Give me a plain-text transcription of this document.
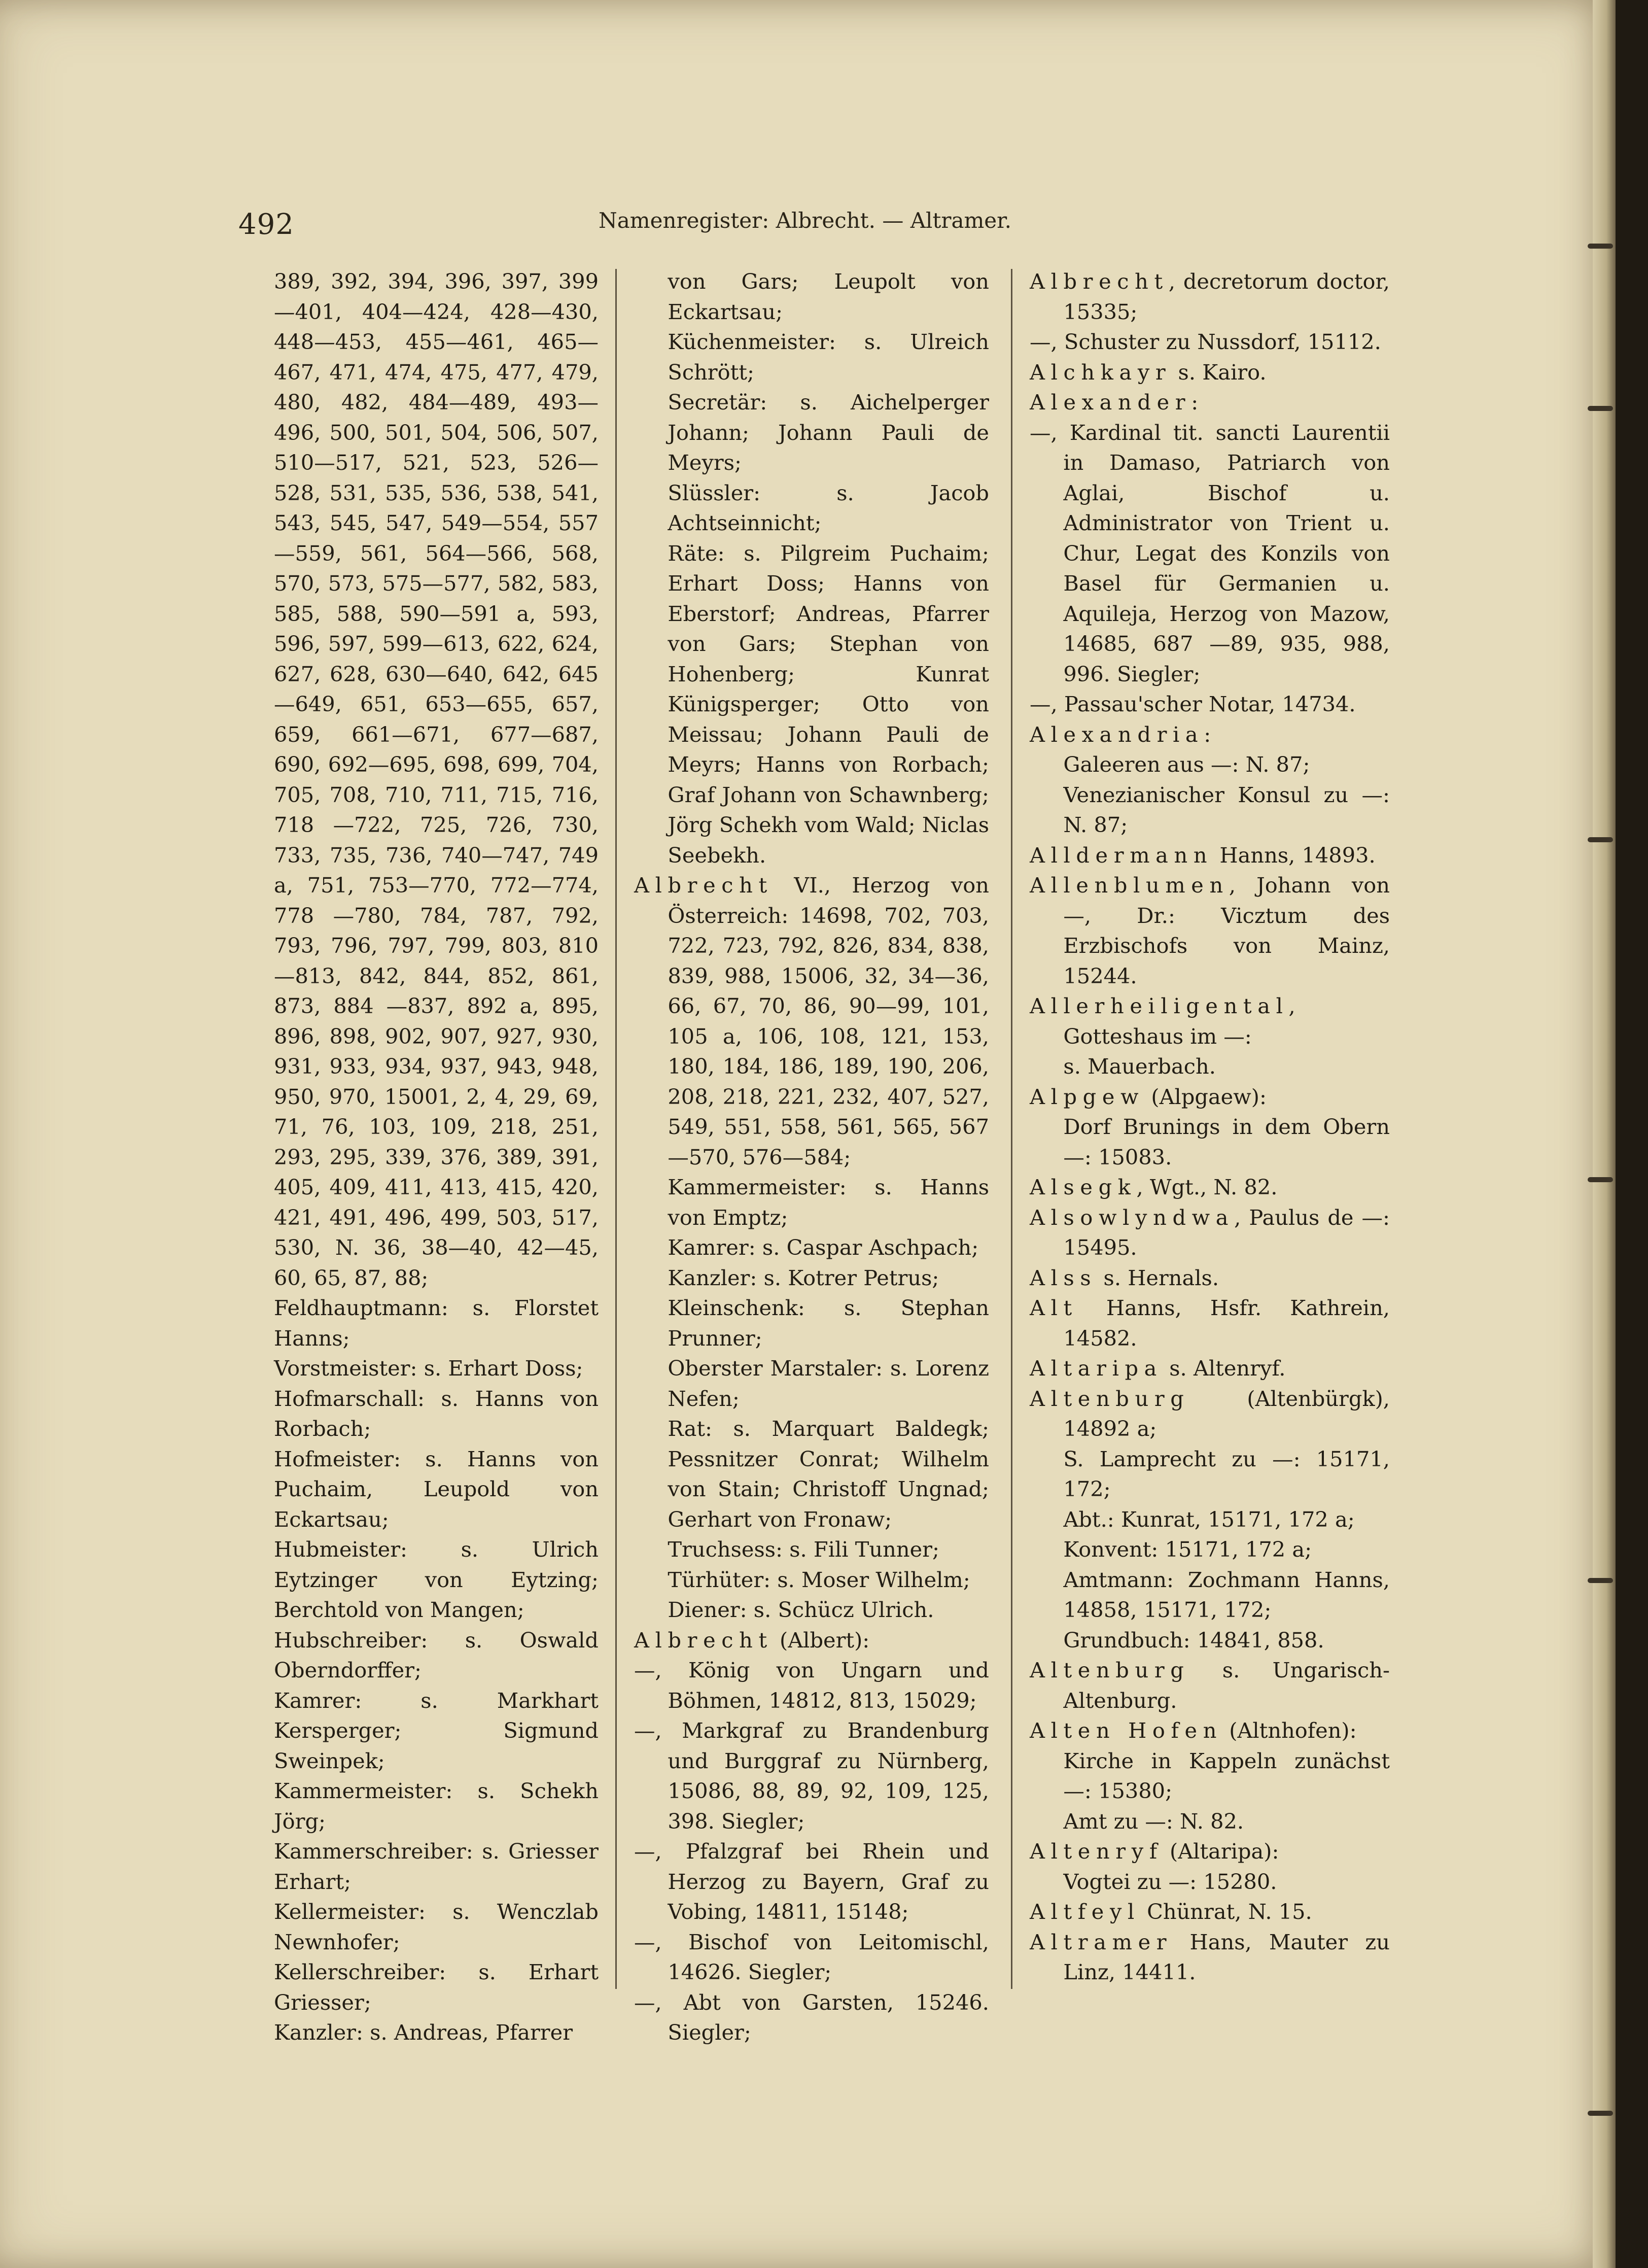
492	Namenregister: Albrecht. — Altramer.

389, 392, 394, 396, 397, 399 —401, 404—424, 428—430, 448—453, 455—461, 465—467, 471, 474, 475, 477, 479, 480, 482, 484—489, 493—496, 500, 501, 504, 506, 507, 510—517, 521, 523, 526—528, 531, 535, 536, 538, 541, 543, 545, 547, 549—554, 557 —559, 561, 564—566, 568, 570, 573, 575—577, 582, 583, 585, 588, 590—591 a, 593, 596, 597, 599—613, 622, 624, 627, 628, 630—640, 642, 645 —649, 651, 653—655, 657, 659, 661—671, 677—687, 690, 692—695, 698, 699, 704, 705, 708, 710, 711, 715, 716, 718 —722, 725, 726, 730, 733, 735, 736, 740—747, 749 a, 751, 753—770, 772—774, 778 —780, 784, 787, 792, 793, 796, 797, 799, 803, 810—813, 842, 844, 852, 861, 873, 884 —837, 892 a, 895, 896, 898, 902, 907, 927, 930, 931, 933, 934, 937, 943, 948, 950, 970, 15001, 2, 4, 29, 69, 71, 76, 103, 109, 218, 251, 293, 295, 339, 376, 389, 391, 405, 409, 411, 413, 415, 420, 421, 491, 496, 499, 503, 517, 530, N. 36, 38—40, 42—45, 60, 65, 87, 88;

Feldhauptmann: s. Florstet Hanns;

Vorstmeister: s. Erhart Doss;

Hofmarschall: s. Hanns von Rorbach;

Hofmeister: s. Hanns von Puchaim, Leupold von Eckartsau;

Hubmeister: s. Ulrich Eytzinger von Eytzing; Berchtold von Mangen;

Hubschreiber: s. Oswald Oberndorffer;

Kamrer: s. Markhart Kersperger; Sigmund Sweinpek;

Kammermeister: s. Schekh Jörg;

Kammerschreiber: s. Griesser Erhart;

Kellermeister: s. Wenczlab Newnhofer;

Kellerschreiber: s. Erhart Griesser;

Kanzler: s. Andreas, Pfarrer

von Gars; Leupolt von Eckartsau;

Küchenmeister: s. Ulreich Schrött;

Secretär: s. Aichelperger Johann; Johann Pauli de Meyrs;

Slüssler: s. Jacob Achtseinnicht;

Räte: s. Pilgreim Puchaim; Erhart Doss; Hanns von Eberstorf; Andreas, Pfarrer von Gars; Stephan von Hohenberg; Kunrat Künigsperger; Otto von Meissau; Johann Pauli de Meyrs; Hanns von Rorbach; Graf Johann von Schawnberg; Jörg Schekh vom Wald; Niclas Seebekh.

Albrecht VI., Herzog von Österreich: 14698, 702, 703, 722, 723, 792, 826, 834, 838, 839, 988, 15006, 32, 34—36, 66, 67, 70, 86, 90—99, 101, 105 a, 106, 108, 121, 153, 180, 184, 186, 189, 190, 206, 208, 218, 221, 232, 407, 527, 549, 551, 558, 561, 565, 567 —570, 576—584;

Kammermeister: s. Hanns von Emptz;

Kamrer: s. Caspar Aschpach;

Kanzler: s. Kotrer Petrus;

Kleinschenk: s. Stephan Prunner;

Oberster Marstaler: s. Lorenz Nefen;

Rat: s. Marquart Baldegk; Pessnitzer Conrat; Wilhelm von Stain; Christoff Ungnad; Gerhart von Fronaw;

Truchsess: s. Fili Tunner;

Türhüter: s. Moser Wilhelm;

Diener: s. Schücz Ulrich.

Albrecht (Albert):

—, König von Ungarn und Böhmen, 14812, 813, 15029;

—, Markgraf zu Brandenburg und Burggraf zu Nürnberg, 15086, 88, 89, 92, 109, 125, 398. Siegler;

—, Pfalzgraf bei Rhein und Herzog zu Bayern, Graf zu Vobing, 14811, 15148;

—, Bischof von Leitomischl, 14626. Siegler;

—, Abt von Garsten, 15246. Siegler;

Albrecht, decretorum doctor, 15335;

—, Schuster zu Nussdorf, 15112.

Alchkayr s. Kairo.

Alexander:

—, Kardinal tit. sancti Laurentii in Damaso, Patriarch von Aglai, Bischof u. Administrator von Trient u. Chur, Legat des Konzils von Basel für Germanien u. Aquileja, Herzog von Mazow, 14685, 687 —89, 935, 988, 996. Siegler;

—, Passau'scher Notar, 14734.

Alexandria:

Galeeren aus —: N. 87;

Venezianischer Konsul zu —: N. 87;

Alldermann Hanns, 14893.

Allenblumen, Johann von —, Dr.: Vicztum des Erzbischofs von Mainz, 15244.

Allerheiligental, Gotteshaus im —:

s. Mauerbach.

Alpgew (Alpgaew):

Dorf Brunings in dem Obern —: 15083.

Alsegk, Wgt., N. 82.

Alsowlyndwa, Paulus de —: 15495.

Alss s. Hernals.

Alt Hanns, Hsfr. Kathrein, 14582.

Altaripa s. Altenryf.

Altenburg (Altenbürgk), 14892 a;

S. Lamprecht zu —: 15171, 172;

Abt.: Kunrat, 15171, 172 a;

Konvent: 15171, 172 a;

Amtmann: Zochmann Hanns, 14858, 15171, 172;

Grundbuch: 14841, 858.

Altenburg s. Ungarisch-Altenburg.

Alten Hofen (Altnhofen):

Kirche in Kappeln zunächst —: 15380;

Amt zu —: N. 82.

Altenryf (Altaripa):

Vogtei zu —: 15280.

Altfeyl Chünrat, N. 15.

Altramer Hans, Mauter zu Linz, 14411.
